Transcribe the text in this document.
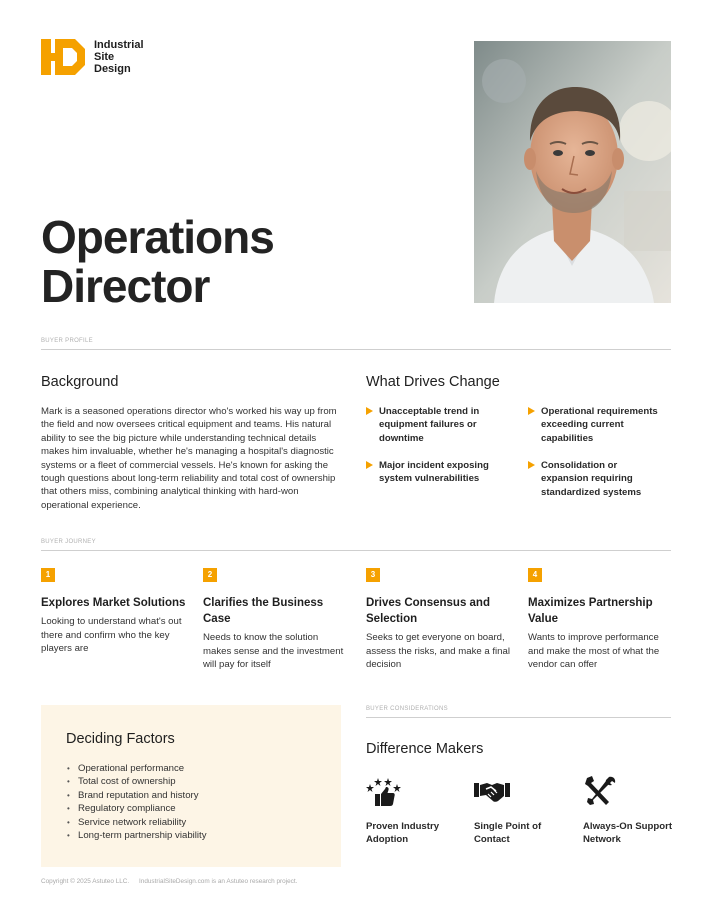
Industrial
Site
Design
Operations
Director
BUYER PROFILE
Background

Mark is a seasoned operations director who's worked his way up from the field and now oversees critical equipment and teams. His natural ability to see the big picture while understanding technical details makes him invaluable, whether he's managing a hospital's diagnostic systems or a fleet of commercial vessels. He's known for asking the tough questions about long-term reliability and total cost of ownership that others miss, combining analytical thinking with hard-won operational experience.

What Drives Change
Unacceptable trend in equipment failures or downtime
Major incident exposing system vulnerabilities
Operational requirements exceeding current capabilities
Consolidation or expansion requiring standardized systems
BUYER JOURNEY
1
Explores Market Solutions
Looking to understand what's out there and confirm who the key players are
2
Clarifies the Business Case
Needs to know the solution makes sense and the investment will pay for itself
3
Drives Consensus and Selection
Seeks to get everyone on board, assess the risks, and make a final decision
4
Maximizes Partnership Value
Wants to improve performance and make the most of what the vendor can offer
Deciding Factors
• Operational performance
• Total cost of ownership
• Brand reputation and history
• Regulatory compliance
• Service network reliability
• Long-term partnership viability
BUYER CONSIDERATIONS
Difference Makers
Proven Industry Adoption
Single Point of Contact
Always-On Support Network
Copyright © 2025 Astuteo LLC. IndustrialSiteDesign.com is an Astuteo research project.
